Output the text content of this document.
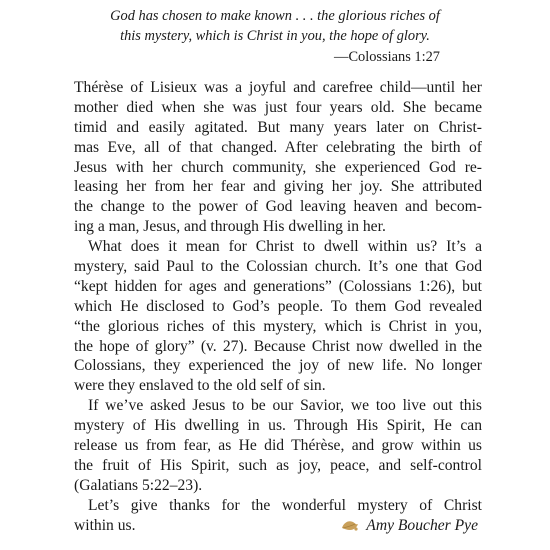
God has chosen to make known . . . the glorious riches of
this mystery, which is Christ in you, the hope of glory.
—Colossians 1:27
Thérèse of Lisieux was a joyful and carefree child—until her
mother died when she was just four years old. She became
timid and easily agitated. But many years later on Christ-
mas Eve, all of that changed. After celebrating the birth of
Jesus with her church community, she experienced God re-
leasing her from her fear and giving her joy. She attributed
the change to the power of God leaving heaven and becom-
ing a man, Jesus, and through His dwelling in her.
What does it mean for Christ to dwell within us? It’s a
mystery, said Paul to the Colossian church. It’s one that God
“kept hidden for ages and generations” (Colossians 1:26), but
which He disclosed to God’s people. To them God revealed
“the glorious riches of this mystery, which is Christ in you,
the hope of glory” (v. 27). Because Christ now dwelled in the
Colossians, they experienced the joy of new life. No longer
were they enslaved to the old self of sin.
If we’ve asked Jesus to be our Savior, we too live out this
mystery of His dwelling in us. Through His Spirit, He can
release us from fear, as He did Thérèse, and grow within us
the fruit of His Spirit, such as joy, peace, and self-control
(Galatians 5:22–23).
Let’s give thanks for the wonderful mystery of Christ
within us.	Amy Boucher Pye
